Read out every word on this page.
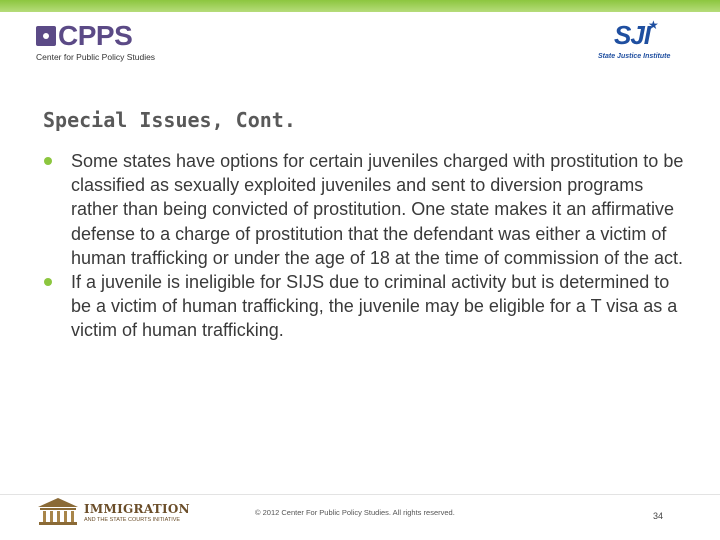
CPPS
Center for Public Policy Studies
SJI
★
State Justice Institute
Special Issues, Cont.
Some states have options for certain juveniles charged with prostitution to be classified as sexually exploited juveniles and sent to diversion programs rather than being convicted of prostitution. One state makes it an affirmative defense to a charge of prostitution that the defendant was either a victim of human trafficking or under the age of 18 at the time of commission of the act.
If a juvenile is ineligible for SIJS due to criminal activity but is determined to be a victim of human trafficking, the juvenile may be eligible for a T visa as a victim of human trafficking.
IMMIGRATION
AND THE STATE COURTS INITIATIVE
© 2012 Center For Public Policy Studies. All rights reserved.	34
